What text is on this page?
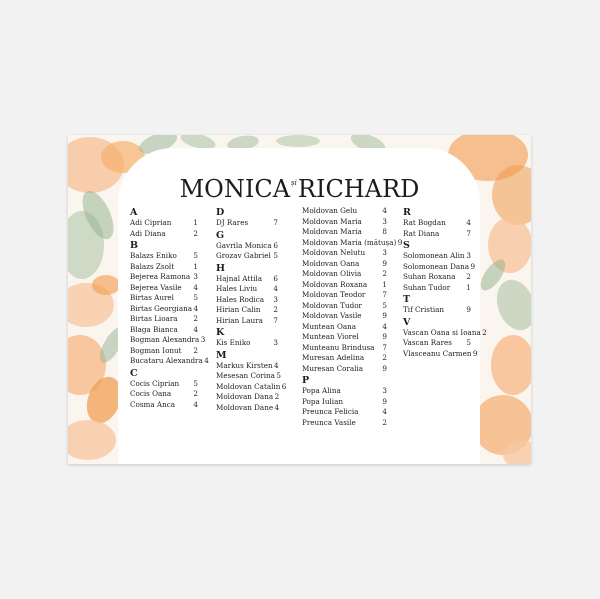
$MONICA^{și}RICHARD$
A
Adi Ciprian	1
Adi Diana	2
B
Balazs Eniko 5
Balazs Zsolt	1
Bejerea Ramona 3
Bejerea Vasile 4
Birtas Aurel	5
Birtas Georgiana 4
Birtas Lioara 2
Blaga Bianca 4
Bogman Alexandra 3
Bogman Ionut 2
Bucataru Alexandra 4
C
Cocis Ciprian 5
Cocis Oana	2
Cosma Anca	4
D
DJ Rares	7
G
Gavrila Monica 6
Grozav Gabriel 5
H
Hajnal Attila 6
Hales Liviu 4
Hales Rodica 3
Hirian Calin 2
Hirian Laura 7
K
Kis Eniko	3
M
Markus Kirsten 4
Mesesan Corina 5
Moldovan Catalin 6
Moldovan Dana 2
Moldovan Dane 4
Moldovan Gelu	4
Moldovan Maria	3
Moldovan Maria	8
Moldovan Maria (mătușa) 9
Moldovan Nelutu 3
Moldovan Oana	9
Moldovan Olivia	2
Moldovan Roxana 1
Moldovan Teodor 7
Moldovan Tudor	5
Moldovan Vasile	9
Muntean Oana	4
Muntean Viorel	9
Munteanu Brindusa 7
Muresan Adelina	2
Muresan Coralia	9
P
Popa Alina	3
Popa Iulian	9
Preunca Felicia	4
Preunca Vasile	2
R
Rat Bogdan	4
Rat Diana	7
S
Solomonean Alin 3
Solomonean Dana 9
Suhan Roxana 2
Suhan Tudor 1
T
Tif Cristian	9
V
Vascan Oana si Ioana 2
Vascan Rares 5
Vlasceanu Carmen 9
